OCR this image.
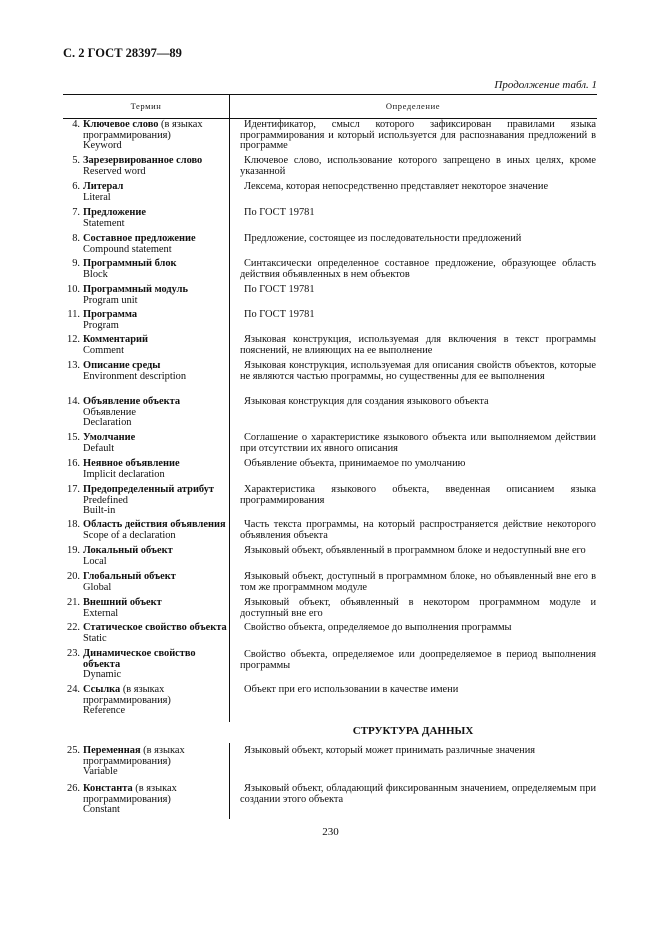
С. 2 ГОСТ 28397—89
Продолжение табл. 1
Термин	Определение
4. Ключевое слово (в языках программирования)
Keyword
Идентификатор, смысл которого зафиксирован правилами языка программирования и который используется для распознавания предложений в программе
5. Зарезервированное слово
Reserved word
Ключевое слово, использование которого запрещено в иных целях, кроме указанной
6. Литерал
Literal
Лексема, которая непосредственно представляет некоторое значение
7. Предложение
Statement
По ГОСТ 19781
8. Составное предложение
Compound statement
Предложение, состоящее из последовательности предложений
9. Программный блок
Block
Синтаксически определенное составное предложение, образующее область действия объявленных в нем объектов
10. Программный модуль
Program unit
По ГОСТ 19781
11. Программа
Program
По ГОСТ 19781
12. Комментарий
Comment
Языковая конструкция, используемая для включения в текст программы пояснений, не влияющих на ее выполнение
13. Описание среды
Environment description
Языковая конструкция, используемая для описания свойств объектов, которые не являются частью программы, но существенны для ее выполнения
14. Объявление объекта
Объявление
Declaration
Языковая конструкция для создания языкового объекта
15. Умолчание
Default
Соглашение о характеристике языкового объекта или выполняемом действии при отсутствии их явного описания
16. Неявное объявление
Implicit declaration
Объявление объекта, принимаемое по умолчанию
17. Предопределенный атрибут
Predefined
Built-in
Характеристика языкового объекта, введенная описанием языка программирования
18. Область действия объявления
Scope of a declaration
Часть текста программы, на который распространяется действие некоторого объявления объекта
19. Локальный объект
Local
Языковый объект, объявленный в программном блоке и недоступный вне его
20. Глобальный объект
Global
Языковый объект, доступный в программном блоке, но объявленный вне его в том же программном модуле
21. Внешний объект
External
Языковый объект, объявленный в некотором программном модуле и доступный вне его
22. Статическое свойство объекта
Static
Свойство объекта, определяемое до выполнения программы
23. Динамическое свойство объекта
Dynamic
Свойство объекта, определяемое или доопределяемое в период выполнения программы
24. Ссылка (в языках программирования)
Reference
Объект при его использовании в качестве имени
СТРУКТУРА ДАННЫХ
25. Переменная (в языках программирования)
Variable
Языковый объект, который может принимать различные значения
26. Константа (в языках программирования)
Constant
Языковый объект, обладающий фиксированным значением, определяемым при создании этого объекта
230
